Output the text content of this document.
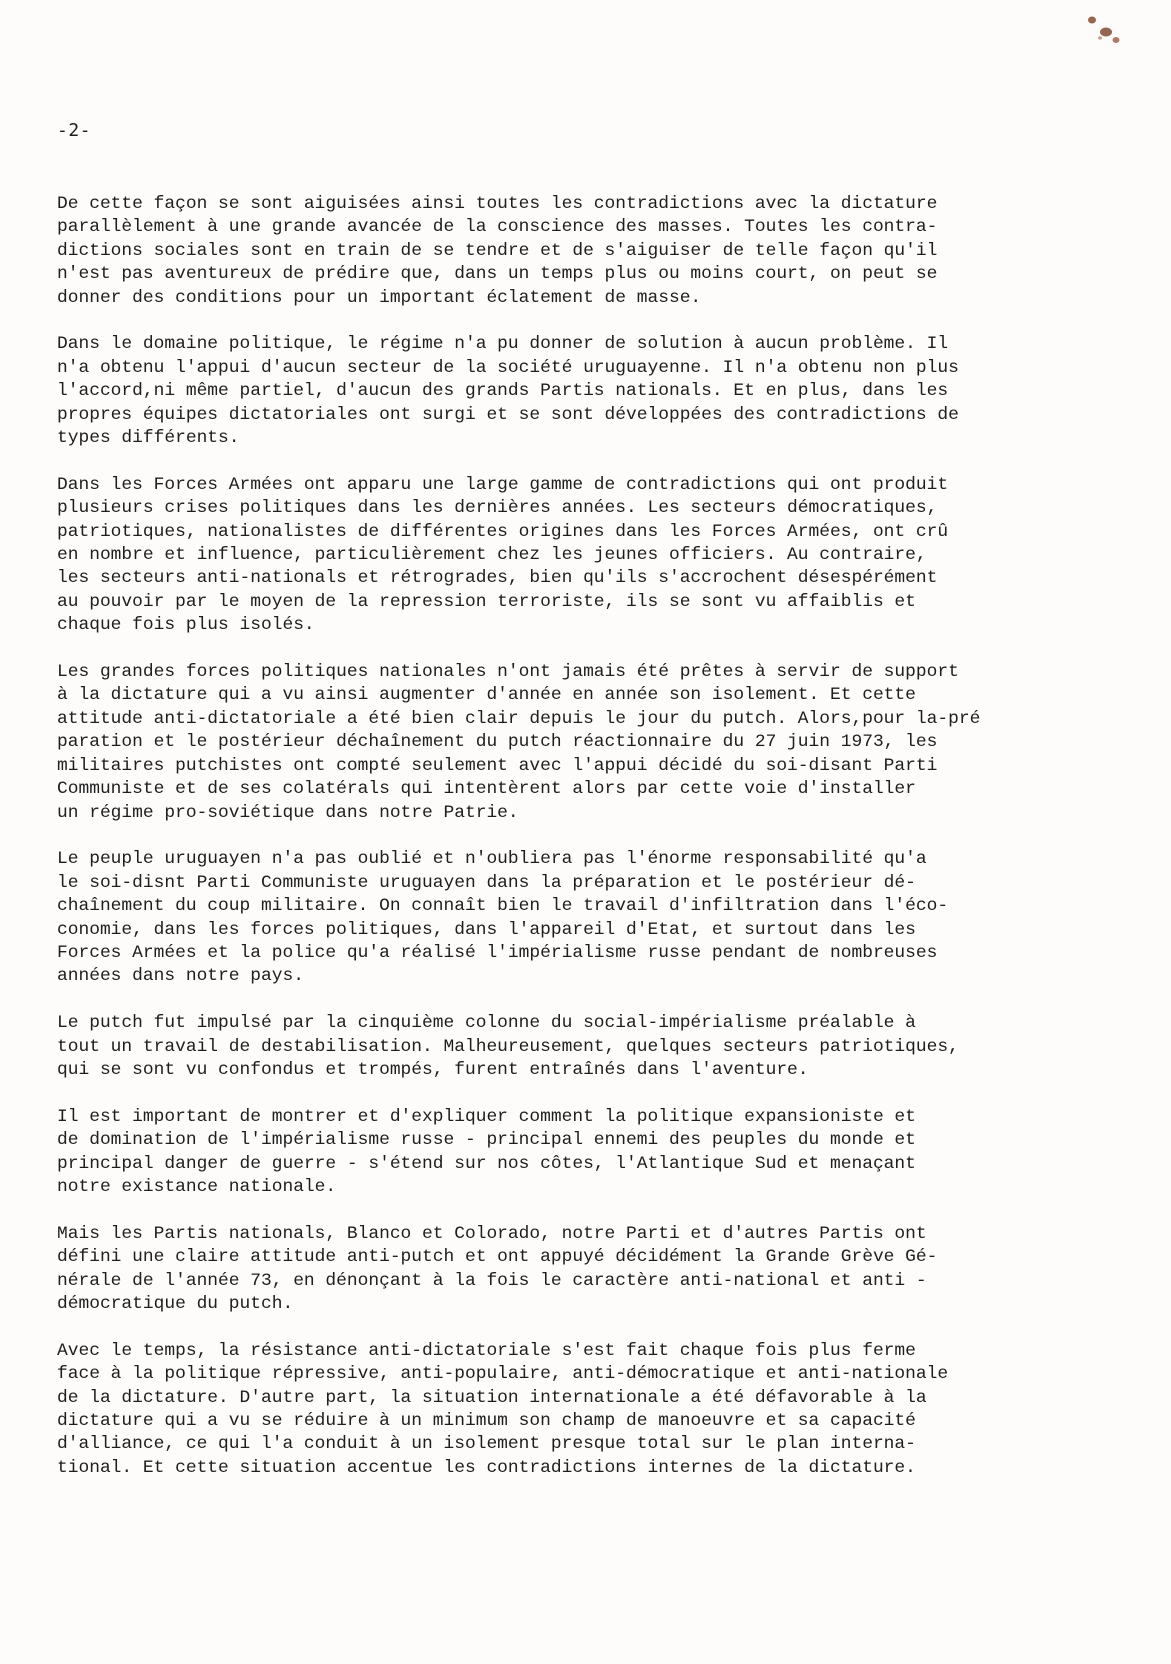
-2-
De cette façon se sont aiguisées ainsi toutes les contradictions avec la dictature
parallèlement à une grande avancée de la conscience des masses. Toutes les contra-
dictions sociales sont en train de se tendre et de s'aiguiser de telle façon qu'il
n'est pas aventureux de prédire que, dans un temps plus ou moins court, on peut se
donner des conditions pour un important éclatement de masse.
Dans le domaine politique, le régime n'a pu donner de solution à aucun problème. Il
n'a obtenu l'appui d'aucun secteur de la société uruguayenne. Il n'a obtenu non plus
l'accord,ni même partiel, d'aucun des grands Partis nationals. Et en plus, dans les
propres équipes dictatoriales ont surgi et se sont développées des contradictions de
types différents.
Dans les Forces Armées ont apparu une large gamme de contradictions qui ont produit
plusieurs crises politiques dans les dernières années. Les secteurs démocratiques,
patriotiques, nationalistes de différentes origines dans les Forces Armées, ont crû
en nombre et influence, particulièrement chez les jeunes officiers. Au contraire,
les secteurs anti-nationals et rétrogrades, bien qu'ils s'accrochent désespérément
au pouvoir par le moyen de la repression terroriste, ils se sont vu affaiblis et
chaque fois plus isolés.
Les grandes forces politiques nationales n'ont jamais été prêtes à servir de support
à la dictature qui a vu ainsi augmenter d'année en année son isolement. Et cette
attitude anti-dictatoriale a été bien clair depuis le jour du putch. Alors,pour la-pré
paration et le postérieur déchaînement du putch réactionnaire du 27 juin 1973, les
militaires putchistes ont compté seulement avec l'appui décidé du soi-disant Parti
Communiste et de ses colatérals qui intentèrent alors par cette voie d'installer
un régime pro-soviétique dans notre Patrie.
Le peuple uruguayen n'a pas oublié et n'oubliera pas l'énorme responsabilité qu'a
le soi-disnt Parti Communiste uruguayen dans la préparation et le postérieur dé-
chaînement du coup militaire. On connaît bien le travail d'infiltration dans l'éco-
conomie, dans les forces politiques, dans l'appareil d'Etat, et surtout dans les
Forces Armées et la police qu'a réalisé l'impérialisme russe pendant de nombreuses
années dans notre pays.
Le putch fut impulsé par la cinquième colonne du social-impérialisme préalable à
tout un travail de destabilisation. Malheureusement, quelques secteurs patriotiques,
qui se sont vu confondus et trompés, furent entraînés dans l'aventure.
Il est important de montrer et d'expliquer comment la politique expansioniste et
de domination de l'impérialisme russe - principal ennemi des peuples du monde et
principal danger de guerre - s'étend sur nos côtes, l'Atlantique Sud et menaçant
notre existance nationale.
Mais les Partis nationals, Blanco et Colorado, notre Parti et d'autres Partis ont
défini une claire attitude anti-putch et ont appuyé décidément la Grande Grève Gé-
nérale de l'année 73, en dénonçant à la fois le caractère anti-national et anti -
démocratique du putch.
Avec le temps, la résistance anti-dictatoriale s'est fait chaque fois plus ferme
face à la politique répressive, anti-populaire, anti-démocratique et anti-nationale
de la dictature. D'autre part, la situation internationale a été défavorable à la
dictature qui a vu se réduire à un minimum son champ de manoeuvre et sa capacité
d'alliance, ce qui l'a conduit à un isolement presque total sur le plan interna-
tional. Et cette situation accentue les contradictions internes de la dictature.
